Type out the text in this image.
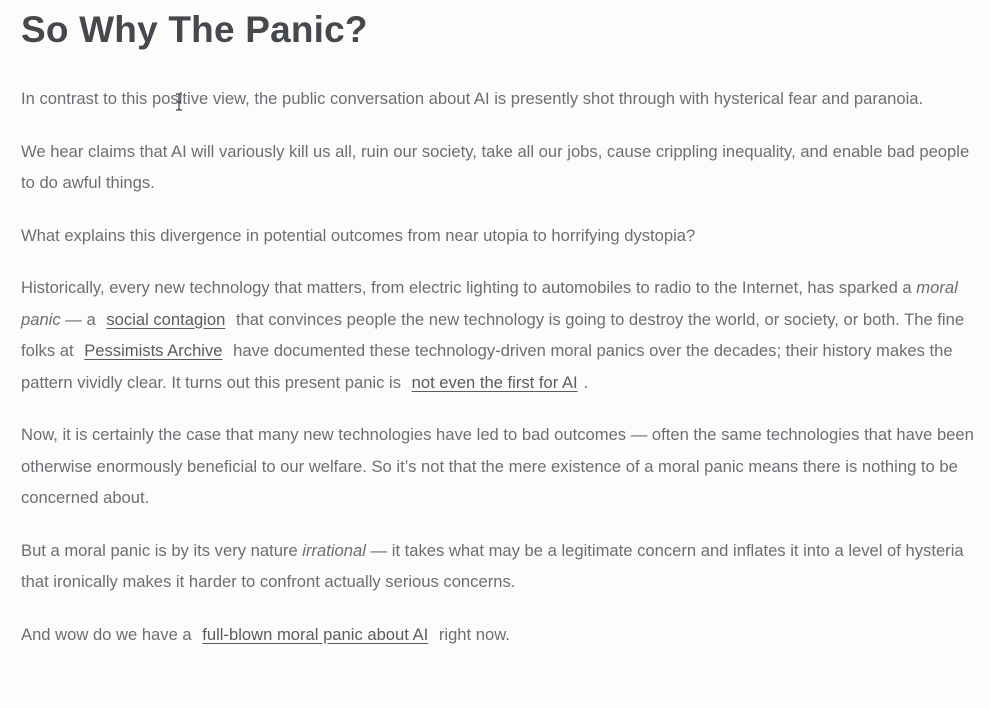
So Why The Panic?

In contrast to this positive view, the public conversation about AI is presently shot through with hysterical fear and paranoia.

We hear claims that AI will variously kill us all, ruin our society, take all our jobs, cause crippling inequality, and enable bad people to do awful things.

What explains this divergence in potential outcomes from near utopia to horrifying dystopia?

Historically, every new technology that matters, from electric lighting to automobiles to radio to the Internet, has sparked a moral panic — a social contagion that convinces people the new technology is going to destroy the world, or society, or both. The fine folks at Pessimists Archive have documented these technology-driven moral panics over the decades; their history makes the pattern vividly clear. It turns out this present panic is not even the first for AI .

Now, it is certainly the case that many new technologies have led to bad outcomes — often the same technologies that have been otherwise enormously beneficial to our welfare. So it’s not that the mere existence of a moral panic means there is nothing to be concerned about.

But a moral panic is by its very nature irrational — it takes what may be a legitimate concern and inflates it into a level of hysteria that ironically makes it harder to confront actually serious concerns.

And wow do we have a full-blown moral panic about AI right now.
